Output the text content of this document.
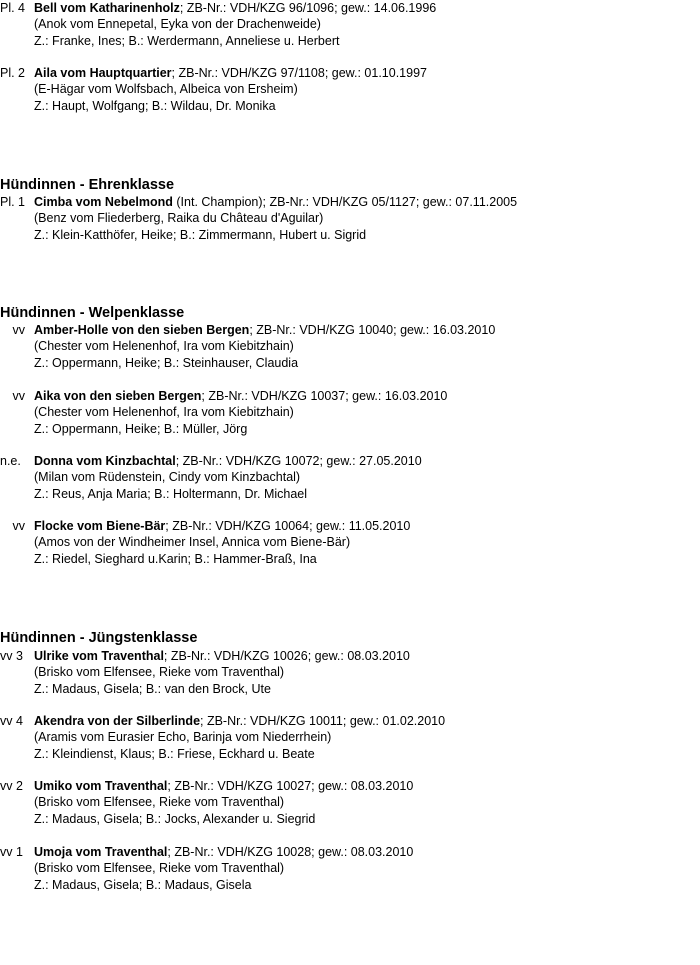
Pl. 4 Bell vom Katharinenholz; ZB-Nr.: VDH/KZG 96/1096; gew.: 14.06.1996
(Anok vom Ennepetal, Eyka von der Drachenweide)
Z.: Franke, Ines; B.: Werdermann, Anneliese u. Herbert
Pl. 2 Aila vom Hauptquartier; ZB-Nr.: VDH/KZG 97/1108; gew.: 01.10.1997
(E-Hägar vom Wolfsbach, Albeica von Ersheim)
Z.: Haupt, Wolfgang; B.: Wildau, Dr. Monika
Hündinnen - Ehrenklasse
Pl. 1 Cimba vom Nebelmond (Int. Champion); ZB-Nr.: VDH/KZG 05/1127; gew.: 07.11.2005
(Benz vom Fliederberg, Raika du Château d'Aguilar)
Z.: Klein-Katthöfer, Heike; B.: Zimmermann, Hubert u. Sigrid
Hündinnen - Welpenklasse
vv Amber-Holle von den sieben Bergen; ZB-Nr.: VDH/KZG 10040; gew.: 16.03.2010
(Chester vom Helenenhof, Ira vom Kiebitzhain)
Z.: Oppermann, Heike; B.: Steinhauser, Claudia
vv Aika von den sieben Bergen; ZB-Nr.: VDH/KZG 10037; gew.: 16.03.2010
(Chester vom Helenenhof, Ira vom Kiebitzhain)
Z.: Oppermann, Heike; B.: Müller, Jörg
n.e.	Donna vom Kinzbachtal; ZB-Nr.: VDH/KZG 10072; gew.: 27.05.2010
(Milan vom Rüdenstein, Cindy vom Kinzbachtal)
Z.: Reus, Anja Maria; B.: Holtermann, Dr. Michael
vv Flocke vom Biene-Bär; ZB-Nr.: VDH/KZG 10064; gew.: 11.05.2010
(Amos von der Windheimer Insel, Annica vom Biene-Bär)
Z.: Riedel, Sieghard u.Karin; B.: Hammer-Braß, Ina
Hündinnen - Jüngstenklasse
vv 3 Ulrike vom Traventhal; ZB-Nr.: VDH/KZG 10026; gew.: 08.03.2010
(Brisko vom Elfensee, Rieke vom Traventhal)
Z.: Madaus, Gisela; B.: van den Brock, Ute
vv 4 Akendra von der Silberlinde; ZB-Nr.: VDH/KZG 10011; gew.: 01.02.2010
(Aramis vom Eurasier Echo, Barinja vom Niederrhein)
Z.: Kleindienst, Klaus; B.: Friese, Eckhard u. Beate
vv 2 Umiko vom Traventhal; ZB-Nr.: VDH/KZG 10027; gew.: 08.03.2010
(Brisko vom Elfensee, Rieke vom Traventhal)
Z.: Madaus, Gisela; B.: Jocks, Alexander u. Siegrid
vv 1 Umoja vom Traventhal; ZB-Nr.: VDH/KZG 10028; gew.: 08.03.2010
(Brisko vom Elfensee, Rieke vom Traventhal)
Z.: Madaus, Gisela; B.: Madaus, Gisela
